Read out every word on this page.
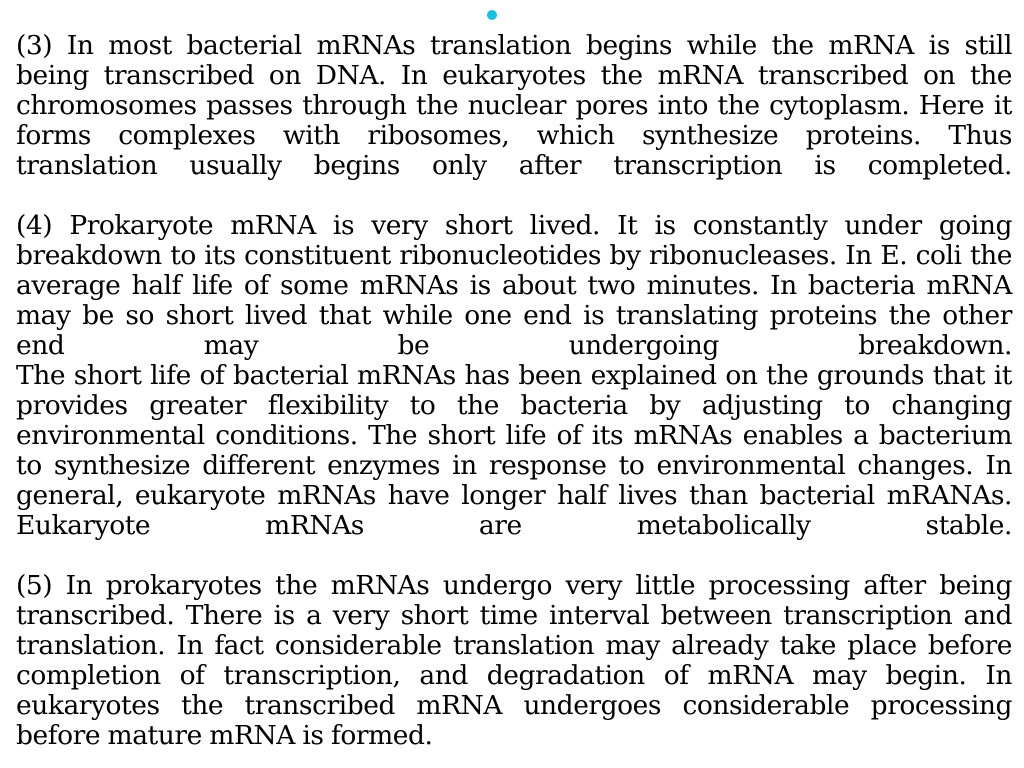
(3) In most bacterial mRNAs translation begins while the mRNA is still being transcribed on DNA. In eukaryotes the mRNA transcribed on the chromosomes passes through the nuclear pores into the cytoplasm. Here it forms complexes with ribosomes, which synthesize proteins. Thus translation usually begins only after transcription is completed.

(4) Prokaryote mRNA is very short lived. It is constantly under going breakdown to its constituent ribonucleotides by ribonucleases. In E. coli the average half life of some mRNAs is about two minutes. In bacteria mRNA may be so short lived that while one end is translating proteins the other end may be undergoing breakdown.

The short life of bacterial mRNAs has been explained on the grounds that it provides greater flexibility to the bacteria by adjusting to changing environmental conditions. The short life of its mRNAs enables a bacterium to synthesize different enzymes in response to environmental changes. In general, eukaryote mRNAs have longer half lives than bacterial mRANAs. Eukaryote mRNAs are metabolically stable.

(5) In prokaryotes the mRNAs undergo very little processing after being transcribed. There is a very short time interval between transcription and translation. In fact considerable translation may already take place before completion of transcription, and degradation of mRNA may begin. In eukaryotes the transcribed mRNA undergoes considerable processing before mature mRNA is formed.
